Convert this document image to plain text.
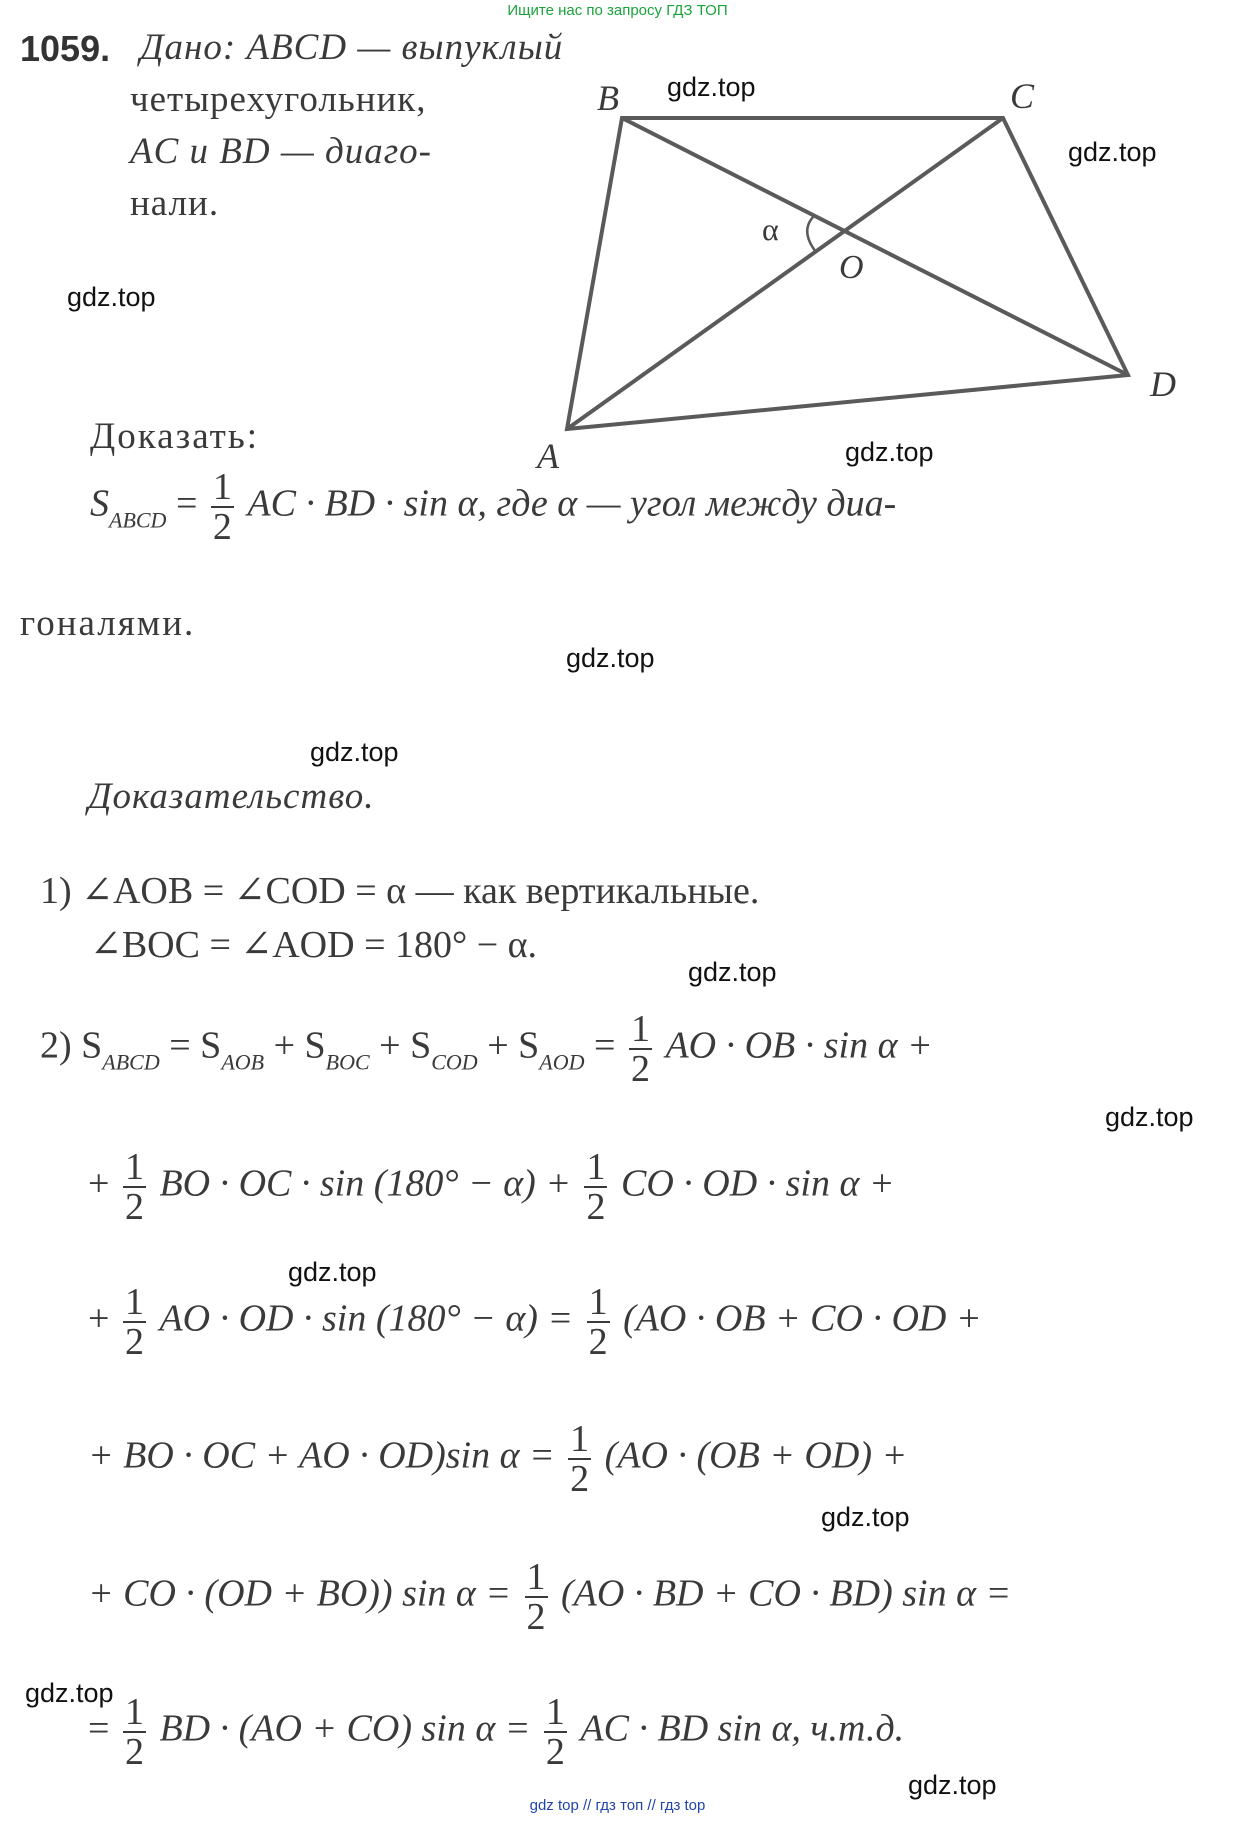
Ищите нас по запросу ГДЗ ТОП
1059. Дано: ABCD — выпуклый
четырехугольник,
AC и BD — диаго-
нали.
B	C
A
D
O
α
Доказать:
$S_{ABCD} = \frac{1}{2}$ AC · BD · sin α, где α — угол между диа-
гоналями.
Доказательство.
1) ∠AOB = ∠COD = α — как вертикальные.
∠BOC = ∠AOD = 180° − α.
2) $S_{ABCD} = S_{AOB} + S_{BOC} + S_{COD} + S_{AOD} = \frac{1}{2}$ AO · OB · sin α +
+ $\frac{1}{2}$ BO · OC · $\sin (180^\circ - \alpha) + \frac{1}{2}$ CO · OD · sin α +
+ $\frac{1}{2}$ AO · OD · $\sin (180^\circ - \alpha) = \frac{1}{2} (AO$ · OB + CO · OD +
+ BO · OC + AO · OD)sin $\alpha = \frac{1}{2} (AO \cdot (OB + OD)$ +
+ CO · (OD + BO)) $\sin \alpha = \frac{1}{2} (AO$ · BD + CO · BD) sin α =
= $\frac{1}{2}$ BD · (AO + CO) $\sin \alpha = \frac{1}{2}$ AC · BD sin α, ч.т.д.
gdz.top
gdz.top
gdz.top
gdz.top
gdz.top
gdz.top
gdz.top
gdz.top
gdz.top
gdz.top
gdz.top
gdz.top
gdz top // гдз топ // гдз top
